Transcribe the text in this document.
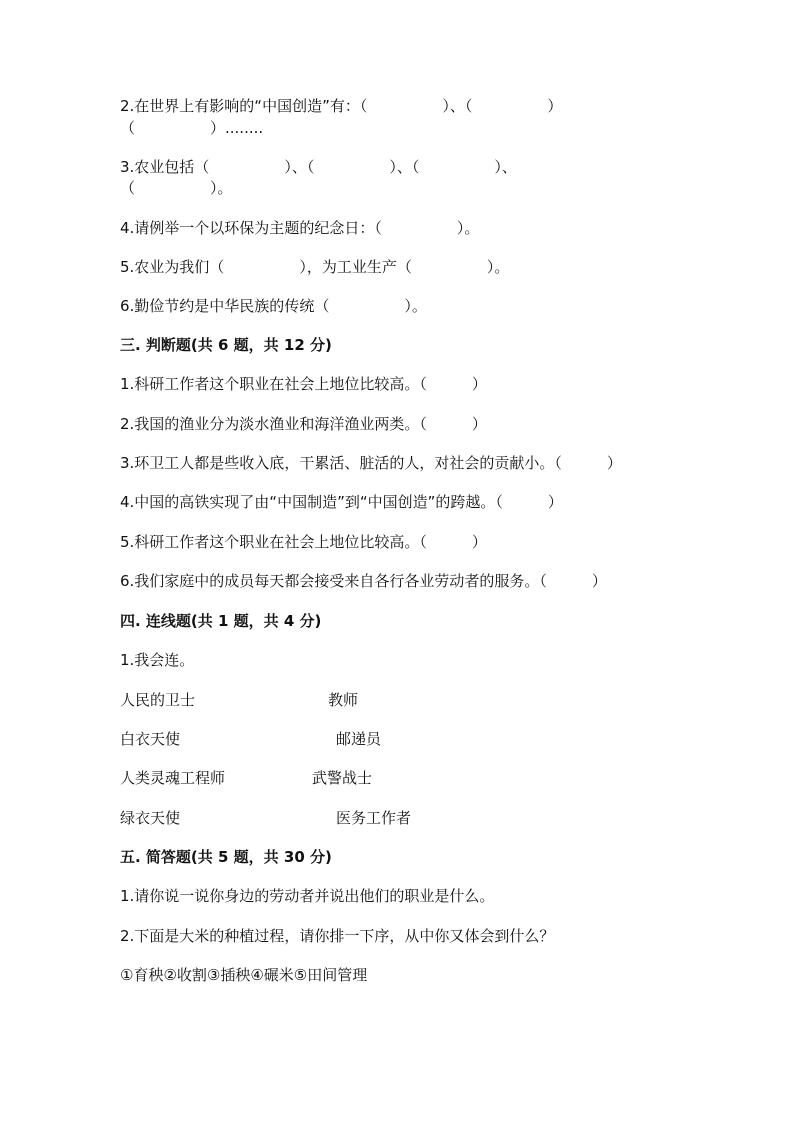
2.在世界上有影响的“中国创造”有：（　　　　　）、（　　　　　）
（　　　　　）........
3.农业包括（　　　　　）、（　　　　　）、（　　　　　）、
（　　　　　）。
4.请例举一个以环保为主题的纪念日：（　　　　　）。
5.农业为我们（　　　　　），为工业生产（　　　　　）。
6.勤俭节约是中华民族的传统（　　　　　）。
三. 判断题(共 6 题，共 12 分)
1.科研工作者这个职业在社会上地位比较高。（　　　）
2.我国的渔业分为淡水渔业和海洋渔业两类。（　　　）
3.环卫工人都是些收入底，干累活、脏活的人，对社会的贡献小。（　　　）
4.中国的高铁实现了由“中国制造”到“中国创造”的跨越。（　　　）
5.科研工作者这个职业在社会上地位比较高。（　　　）
6.我们家庭中的成员每天都会接受来自各行各业劳动者的服务。（　　　）
四. 连线题(共 1 题，共 4 分)
1.我会连。
人民的卫士	教师
白衣天使	邮递员
人类灵魂工程师	武警战士
绿衣天使	医务工作者
五. 简答题(共 5 题，共 30 分)
1.请你说一说你身边的劳动者并说出他们的职业是什么。
2.下面是大米的种植过程，请你排一下序，从中你又体会到什么？
①育秧②收割③插秧④碾米⑤田间管理
